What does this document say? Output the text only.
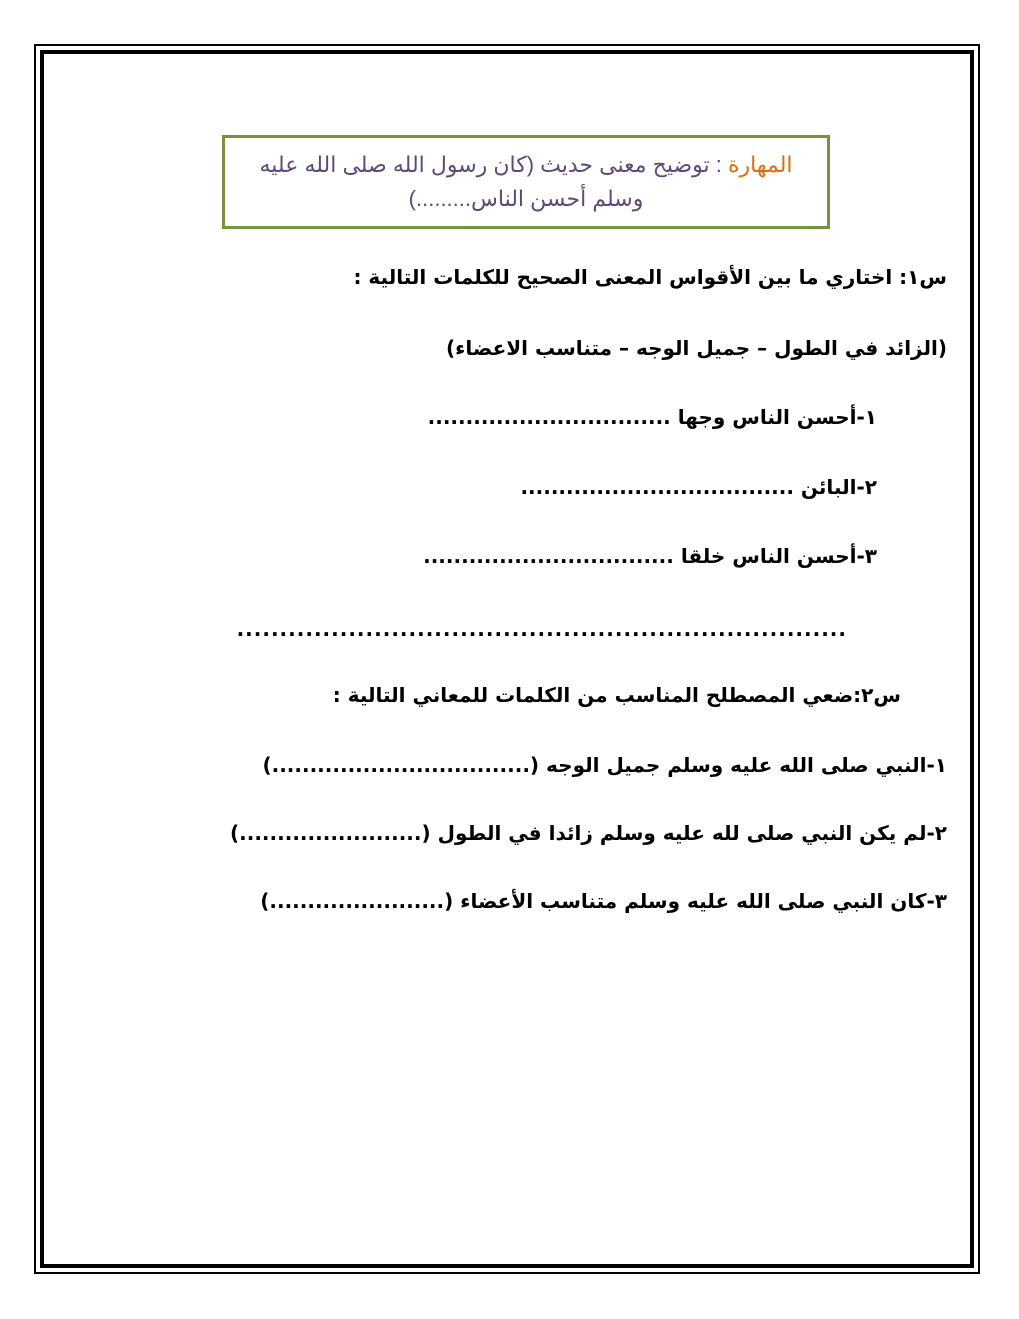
المهارة : توضيح معنى حديث (كان رسول الله صلى الله عليه وسلم أحسن الناس.........)
س١: اختاري ما بين الأقواس المعنى الصحيح للكلمات التالية :
(الزائد في الطول – جميل الوجه – متناسب الاعضاء)
١-أحسن الناس وجها ................................
٢-البائن ....................................
٣-أحسن الناس خلقا .................................
.......................................................................
س٢:ضعي المصطلح المناسب من الكلمات للمعاني التالية :
١-النبي صلى الله عليه وسلم جميل الوجه (..................................)
٢-لم يكن النبي صلى لله عليه وسلم زائدا في الطول (........................)
٣-كان النبي صلى الله عليه وسلم متناسب الأعضاء (.......................)
